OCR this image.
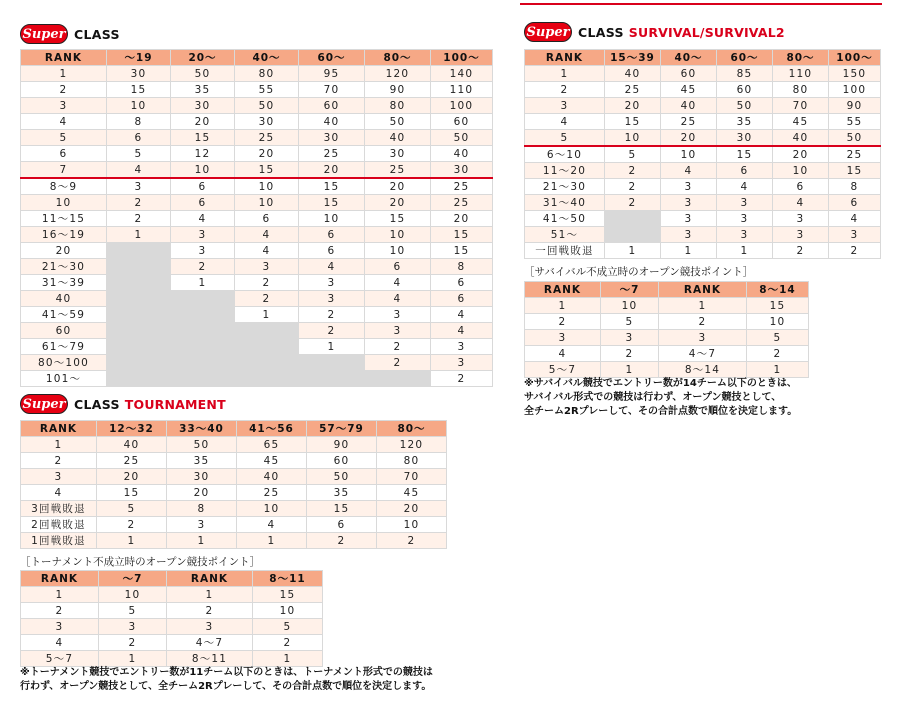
Super CLASS
RANK	～19	20～	40～	60～	80～	100～
1	30	50	80	95	120	140
2	15	35	55	70	90	110
3	10	30	50	60	80	100
4	8	20	30	40	50	60
5	6	15	25	30	40	50
6	5	12	20	25	30	40
7	4	10	15	20	25	30
8～9	3	6	10	15	20	25
10	2	6	10	15	20	25
11～15	2	4	6	10	15	20
16～19	1	3	4	6	10	15
20		3	4	6	10	15
21～30		2	3	4	6	8
31～39		1	2	3	4	6
40			2	3	4	6
41～59			1	2	3	4
60				2	3	4
61～79				1	2	3
80～100					2	3
101～						2
Super CLASS SURVIVAL/SURVIVAL2
RANK	15～39	40～	60～	80～	100～
1	40	60	85	110	150
2	25	45	60	80	100
3	20	40	50	70	90
4	15	25	35	45	55
5	10	20	30	40	50
6～10	5	10	15	20	25
11～20	2	4	6	10	15
21～30	2	3	4	6	8
31～40	2	3	3	4	6
41～50		3	3	3	4
51～		3	3	3	3
一回戦敗退	1	1	1	2	2
［サバイバル不成立時のオープン競技ポイント］
RANK	～7	RANK	8～14
1	10	1	15
2	5	2	10
3	3	3	5
4	2	4～7	2
5～7	1	8～14	1
※サバイバル競技でエントリー数が14チーム以下のときは、
サバイバル形式での競技は行わず、オープン競技として、
全チーム2Rプレーして、その合計点数で順位を決定します。
Super CLASS TOURNAMENT
RANK	12～32	33～40	41～56	57～79	80～
1	40	50	65	90	120
2	25	35	45	60	80
3	20	30	40	50	70
4	15	20	25	35	45
3回戦敗退	5	8	10	15	20
2回戦敗退	2	3	4	6	10
1回戦敗退	1	1	1	2	2
［トーナメント不成立時のオープン競技ポイント］
RANK	～7	RANK	8～11
1	10	1	15
2	5	2	10
3	3	3	5
4	2	4～7	2
5～7	1	8～11	1
※トーナメント競技でエントリー数が11チーム以下のときは、トーナメント形式での競技は
行わず、オープン競技として、全チーム2Rプレーして、その合計点数で順位を決定します。
